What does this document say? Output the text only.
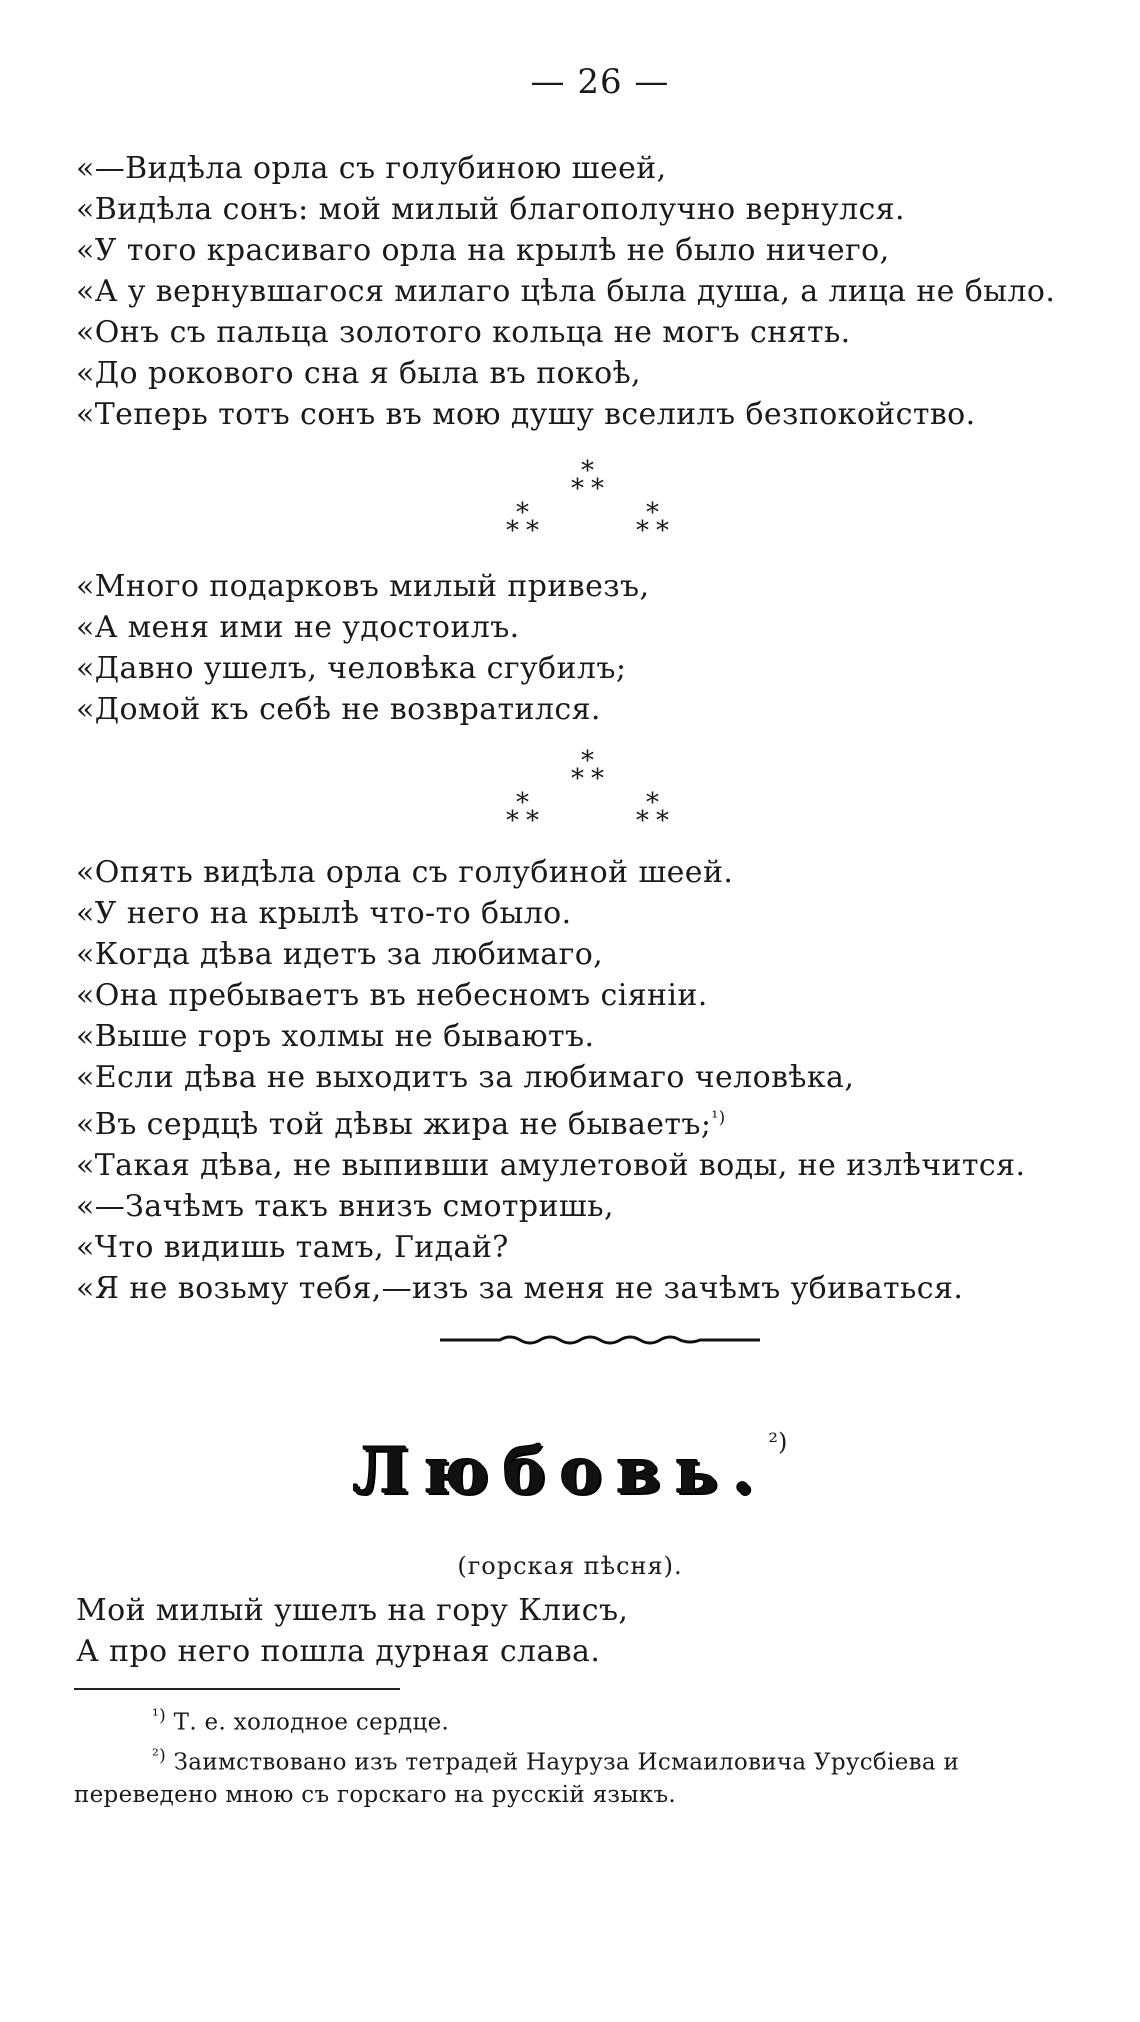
— 26 —
«—Видѣла орла съ голубиною шеей,
«Видѣла сонъ: мой милый благополучно вернулся.
«У того красиваго орла на крылѣ не было ничего,
«А у вернувшагося милаго цѣла была душа, а лица не было.
«Онъ съ пальца золотого кольца не могъ снять.
«До рокового сна я была въ покоѣ,
«Теперь тотъ сонъ въ мою душу вселилъ безпокойство.
*
* *
*
* *
*
* *
«Много подарковъ милый привезъ,
«А меня ими не удостоилъ.
«Давно ушелъ, человѣка сгубилъ;
«Домой къ себѣ не возвратился.
*
* *
*
* *
*
* *
«Опять видѣла орла съ голубиной шеей.
«У него на крылѣ что-то было.
«Когда дѣва идетъ за любимаго,
«Она пребываетъ въ небесномъ сіяніи.
«Выше горъ холмы не бываютъ.
«Если дѣва не выходитъ за любимаго человѣка,
«Въ сердцѣ той дѣвы жира не бываетъ;$^{^1)}$
«Такая дѣва, не выпивши амулетовой воды, не излѣчится.
«—Зачѣмъ такъ внизъ смотришь,
«Что видишь тамъ, Гидай?
«Я не возьму тебя,—изъ за меня не зачѣмъ убиваться.
Любовь.²)
(горская пѣсня).
Мой милый ушелъ на гору Клисъ,
А про него пошла дурная слава.
$^{^1)}$ Т. е. холодное сердце.
$^{^2)}$ Заимствовано изъ тетрадей Науруза Исмаиловича Урусбіева и
переведено мною съ горскаго на русскій языкъ.
